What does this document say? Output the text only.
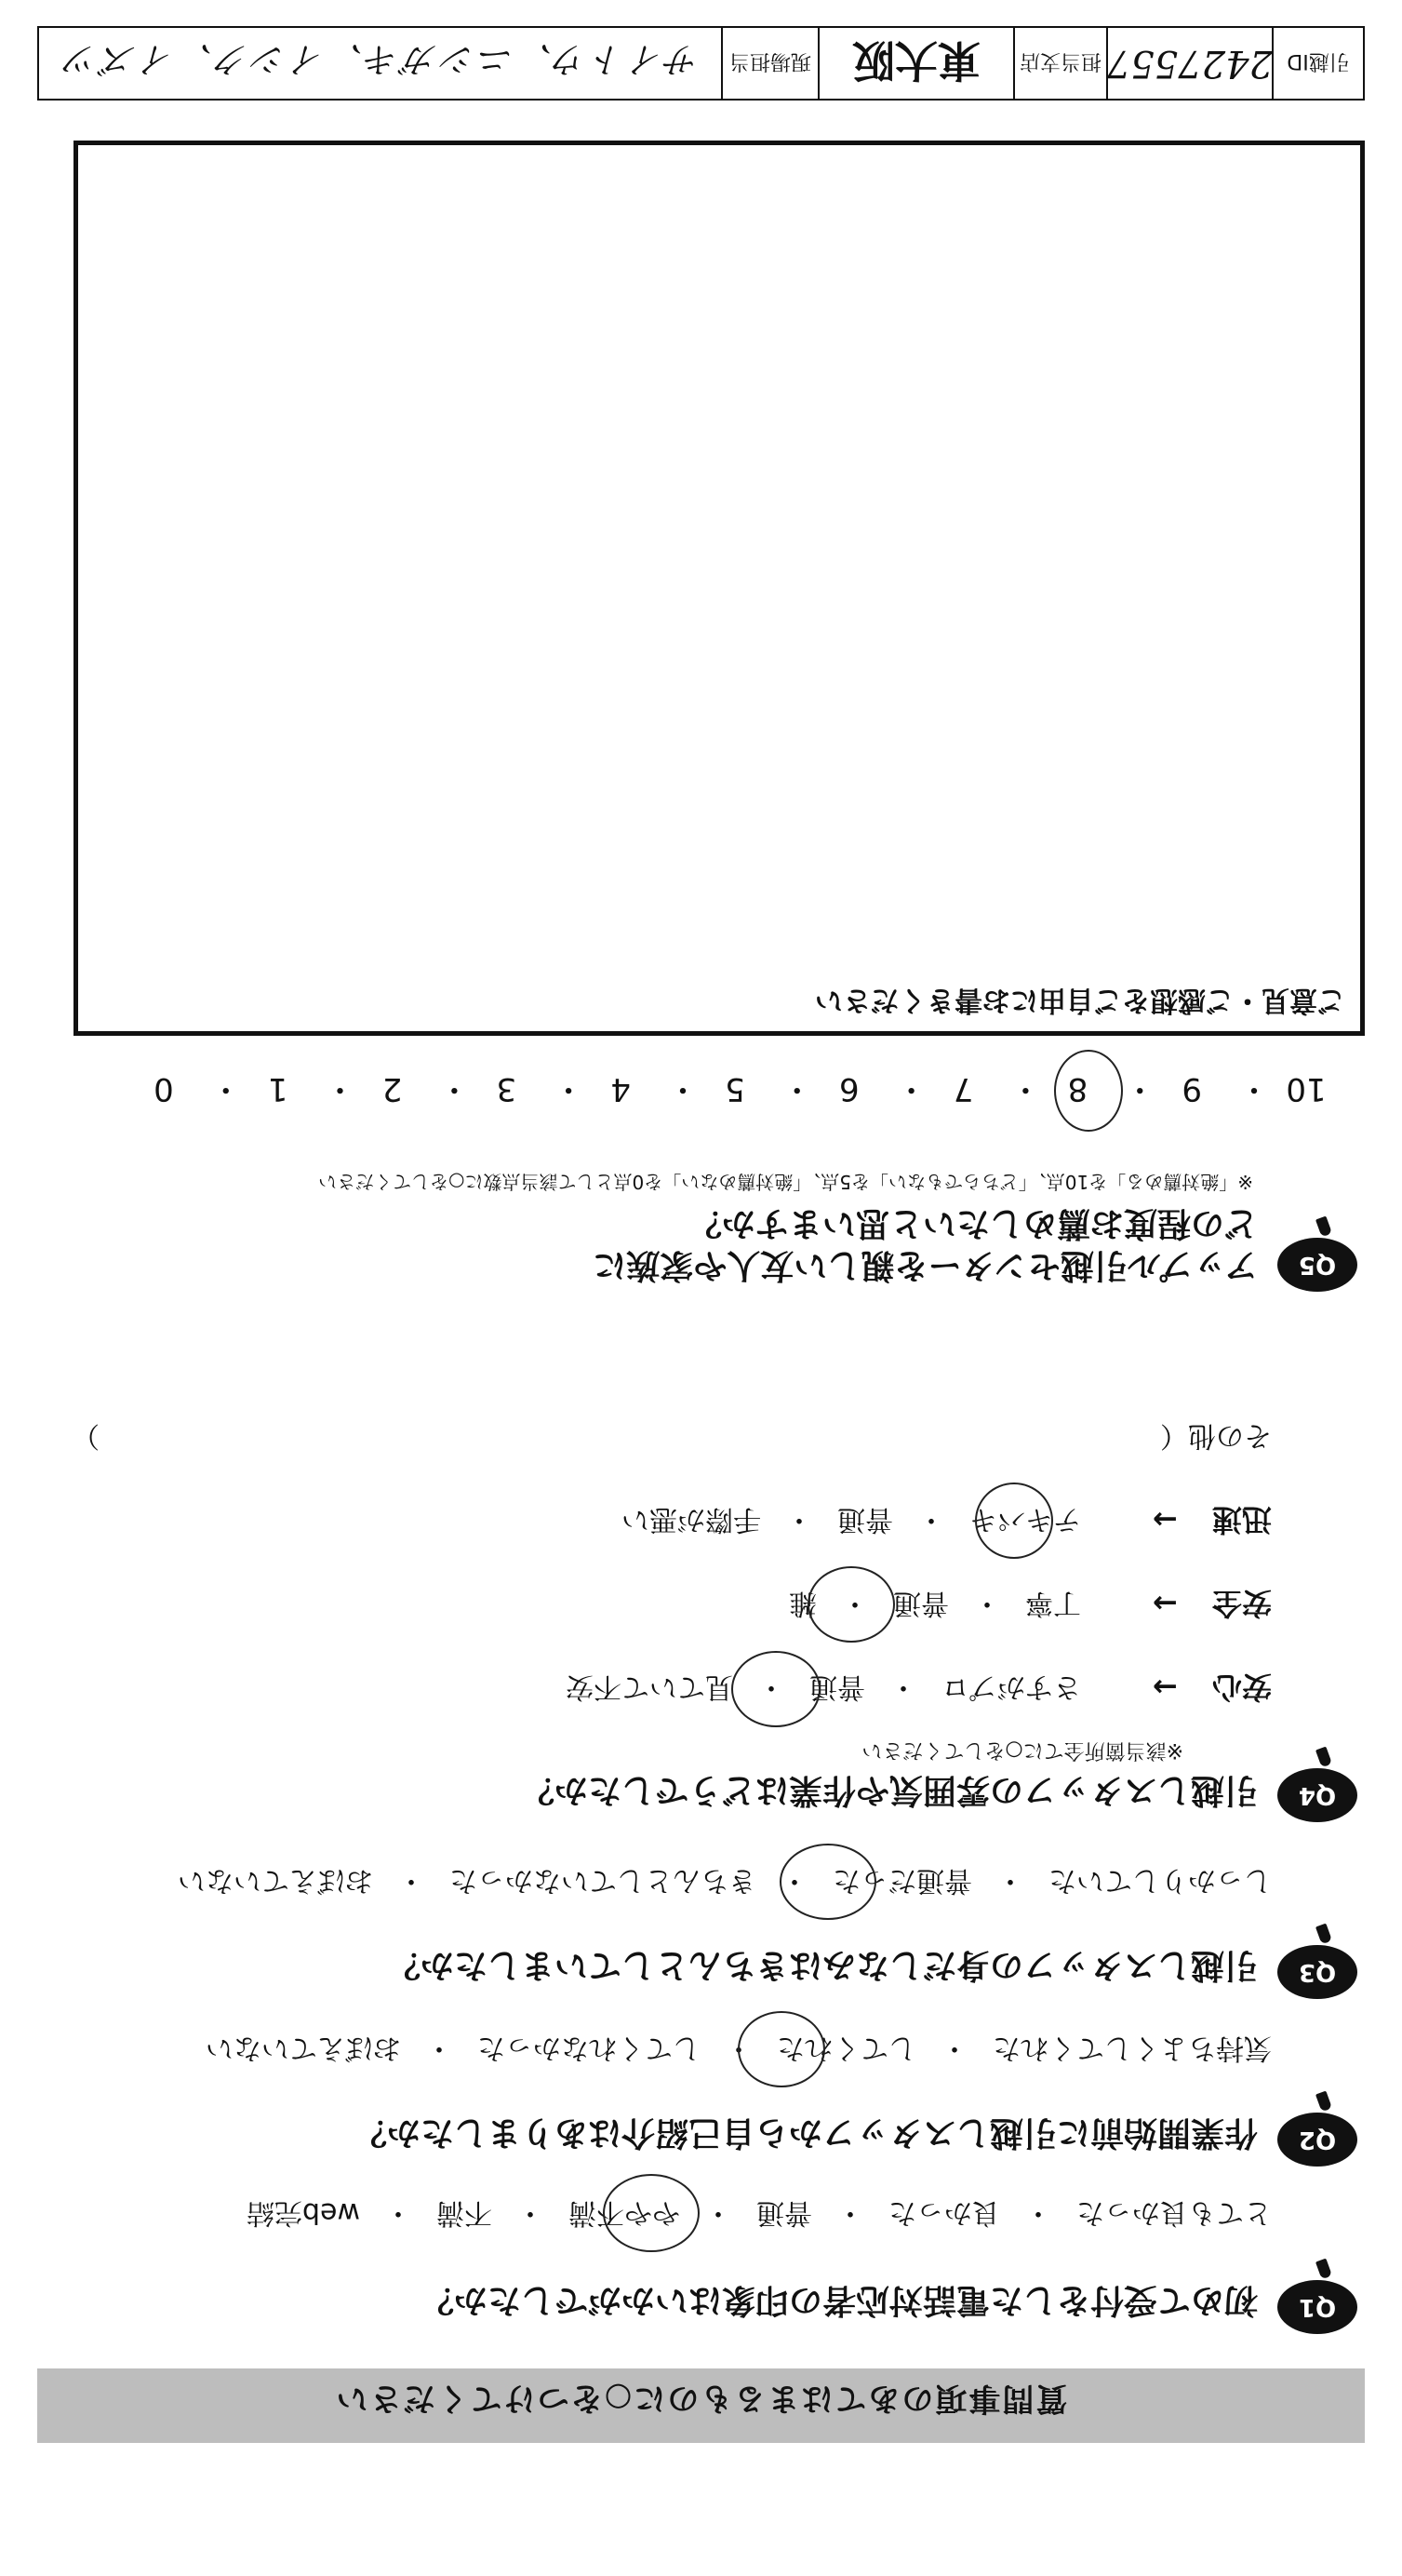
質問事項のあてはまるものに○をつけてください
Q1
初めて受付をした電話対応者の印象はいかがでしたか？
とても良かった
・
良かった
・
普通
・
やや不満
・
不満
・
web完結
Q2
作業開始前に引越しスタッフから自己紹介はありましたか？
気持ちよくしてくれた
・
してくれた
・
してくれなかった
・
おぼえていない
Q3
引越しスタッフの身だしなみはきちんとしていましたか？
しっかりしていた
・
普通だった
・
きちんとしていなかった
・
おぼえていない
Q4
引越しスタッフの雰囲気や作業はどうでしたか？
※該当箇所全てに○をしてください
安心 →
さすがプロ
・
普通
・
見ていて不安
安全 →
丁寧
・
普通
・
雑
迅速 →
テキパキ
・
普通
・
手際が悪い
その他（
）
Q5
アップル引越センターを親しい友人や家族に
どの程度お薦めしたいと思いますか？
※「絶対薦める」を10点、「どちらでもない」を5点、「絶対薦めない」を0点として該当点数に○をしてください
10・ 9・ 8・ 7・ 6・ 5・ 4・ 3・ 2・ 1・ 0
ご意見・ご感想をご自由にお書きください
引越ID
2427557
担当支店
東大阪
現場担当
サイトウ、ニシガキ、イシク、イズツ
